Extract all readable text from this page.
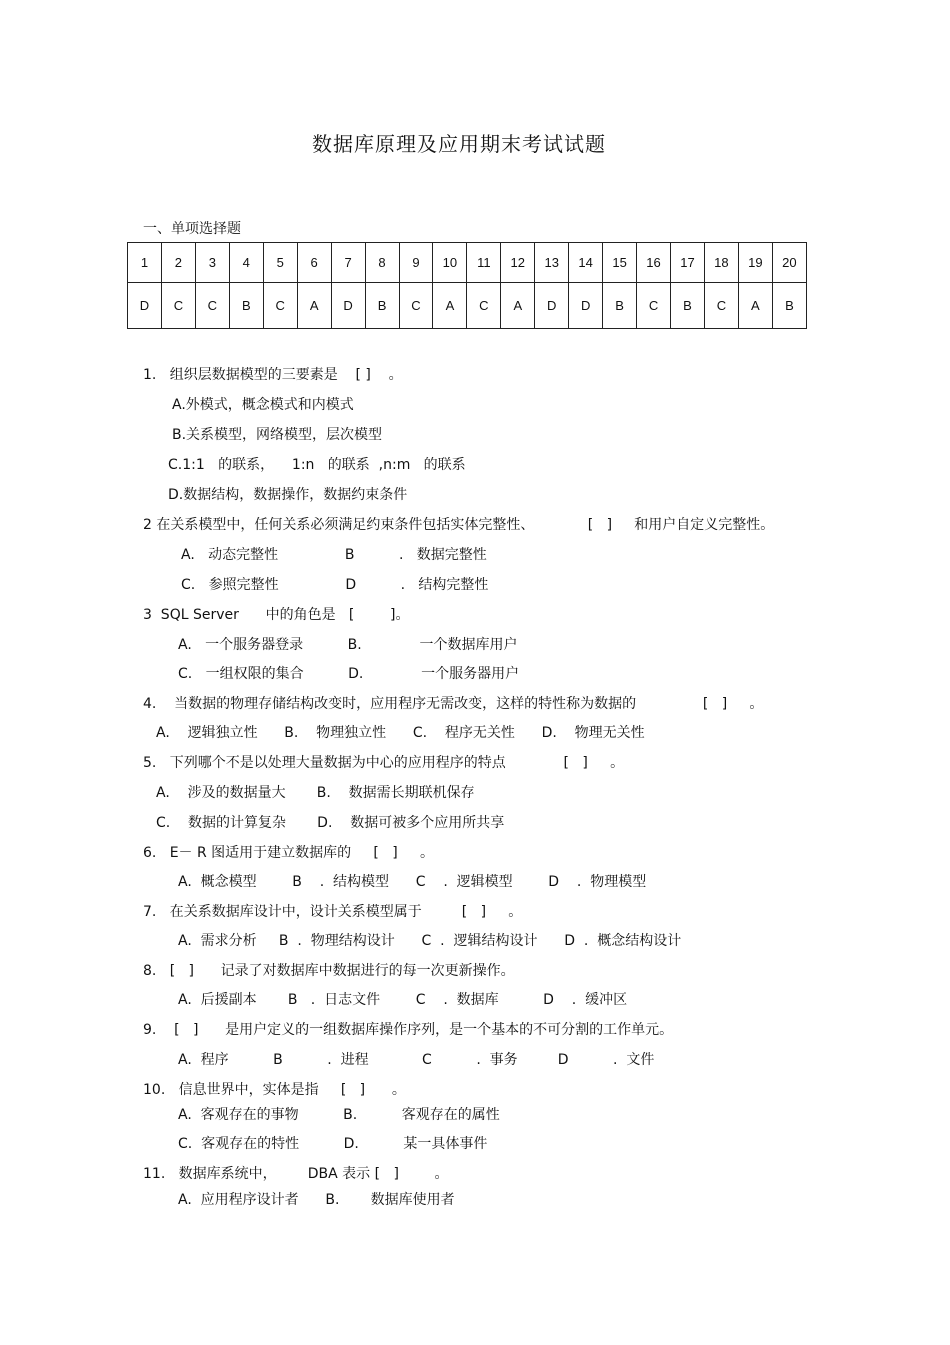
数据库原理及应用期末考试试题
一、单项选择题
1	2	3	4	5	6	7	8	9	10	11	12	13	14	15	16	17	18	19	20
D	C	C	B	C	A	D	B	C	A	C	A	D	D	B	C	B	C	A	B
1.   组织层数据模型的三要素是    [ ]    。
A.外模式，概念模式和内模式
B.关系模型，网络模型，层次模型
C.1:1   的联系，    1:n   的联系  ,n:m   的联系
D.数据结构，数据操作，数据约束条件
2 在关系模型中，任何关系必须满足约束条件包括实体完整性、            [   ]     和用户自定义完整性。
A.   动态完整性               B          .   数据完整性
C.   参照完整性               D          .   结构完整性
3  SQL Server      中的角色是   [        ]。
A.   一个服务器登录          B.             一个数据库用户
C.   一组权限的集合          D.             一个服务器用户
4.    当数据的物理存储结构改变时，应用程序无需改变，这样的特性称为数据的               [   ]     。
A.    逻辑独立性      B.    物理独立性      C.    程序无关性      D.    物理无关性
5.   下列哪个不是以处理大量数据为中心的应用程序的特点             [   ]     。
A.    涉及的数据量大       B.    数据需长期联机保存
C.    数据的计算复杂       D.    数据可被多个应用所共享
6.   E－ R 图适用于建立数据库的     [   ]     。
A.  概念模型        B    .  结构模型      C    .  逻辑模型        D    .  物理模型
7.   在关系数据库设计中，设计关系模型属于         [   ]     。
A.  需求分析     B  .  物理结构设计      C  .  逻辑结构设计      D  .  概念结构设计
8.   [   ]      记录了对数据库中数据进行的每一次更新操作。
A.  后援副本       B   .  日志文件        C    .  数据库          D    .  缓冲区
9.    [   ]      是用户定义的一组数据库操作序列，是一个基本的不可分割的工作单元。
A.  程序          B          .  进程            C          .  事务         D          .  文件
10.   信息世界中，实体是指     [   ]      。
A.  客观存在的事物          B.          客观存在的属性
C.  客观存在的特性          D.          某一具体事件
11.   数据库系统中，       DBA 表示 [   ]        。
A.  应用程序设计者      B.       数据库使用者
